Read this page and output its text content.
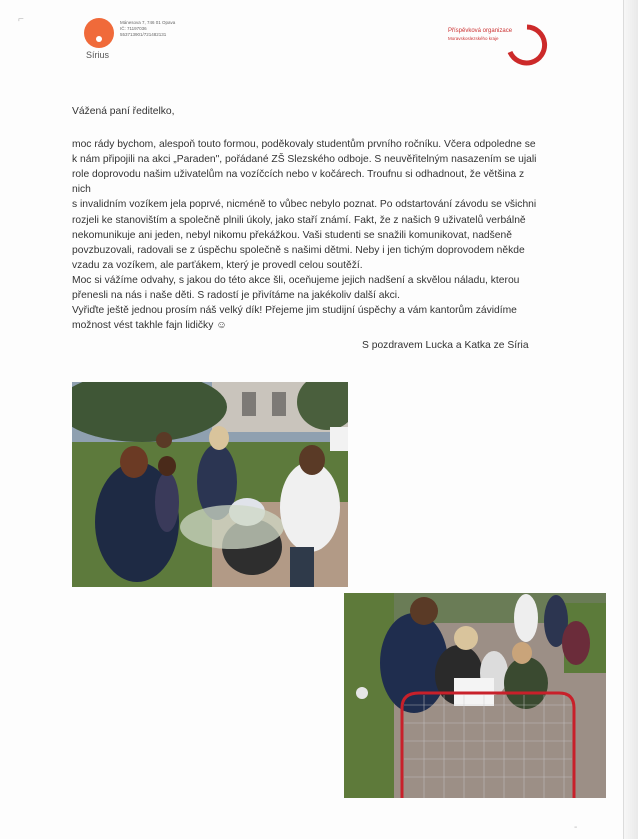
⌐
-
Sírius
Mánesova 7, 746 01 Opava
IČ: 71197036
553713901/721482131
Příspěvková organizace
Moravskoslezského kraje

Vážená paní ředitelko,

moc rády bychom, alespoň touto formou, poděkovaly studentům prvního ročníku. Včera odpoledne se

k nám připojili na akci „Paraden", pořádané ZŠ Slezského odboje. S neuvěřitelným nasazením se ujali

role doprovodu našim uživatelům na vozíčcích nebo v kočárech. Troufnu si odhadnout, že většina z nich

s invalidním vozíkem jela poprvé, nicméně to vůbec nebylo poznat. Po odstartování závodu se všichni

rozjeli ke stanovištím a společně plnili úkoly, jako staří známí. Fakt, že z našich 9 uživatelů verbálně

nekomunikuje ani jeden, nebyl nikomu překážkou. Vaši studenti se snažili komunikovat, nadšeně

povzbuzovali, radovali se z úspěchu společně s našimi dětmi. Neby i jen tichým doprovodem někde

vzadu za vozíkem, ale parťákem, který je provedl celou soutěží.

Moc si vážíme odvahy, s jakou do této akce šli, oceňujeme jejich nadšení a skvělou náladu, kterou

přenesli na nás i naše děti. S radostí je přivítáme na jakékoliv další akci.

Vyřiďte ještě jednou prosím náš velký dík! Přejeme jim studijní úspěchy a vám kantorům závidíme

možnost vést takhle fajn lidičky ☺

S pozdravem Lucka a Katka ze Síria
